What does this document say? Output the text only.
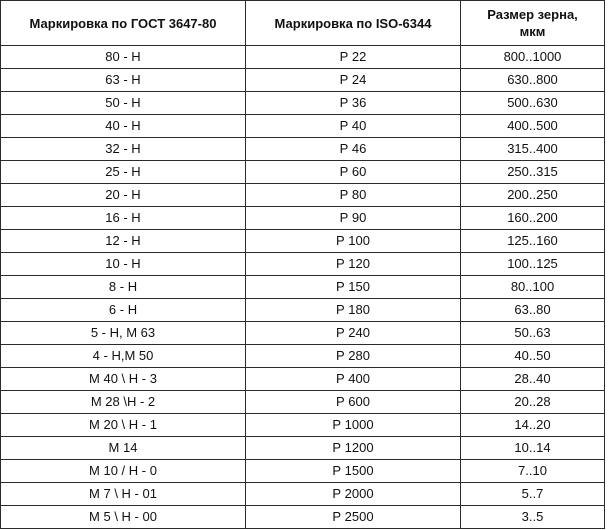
Маркировка по ГОСТ 3647-80	Маркировка по ISO-6344	Размер зерна,
мкм

80 - Н	Р 22	800..1000
63 - Н	Р 24	630..800
50 - Н	Р 36	500..630
40 - Н	Р 40	400..500
32 - Н	Р 46	315..400
25 - Н	Р 60	250..315
20 - Н	Р 80	200..250
16 - Н	Р 90	160..200
12 - Н	Р 100	125..160
10 - Н	Р 120	100..125
8 - Н	Р 150	80..100
6 - Н	Р 180	63..80
5 - Н, М 63	Р 240	50..63
4 - Н,М 50	Р 280	40..50
М 40 \ Н - 3	Р 400	28..40
М 28 \Н - 2	Р 600	20..28
М 20 \ Н - 1	Р 1000	14..20
М 14	Р 1200	10..14
М 10 / Н - 0	Р 1500	7..10
М 7 \ Н - 01	Р 2000	5..7
М 5 \ Н - 00	Р 2500	3..5
